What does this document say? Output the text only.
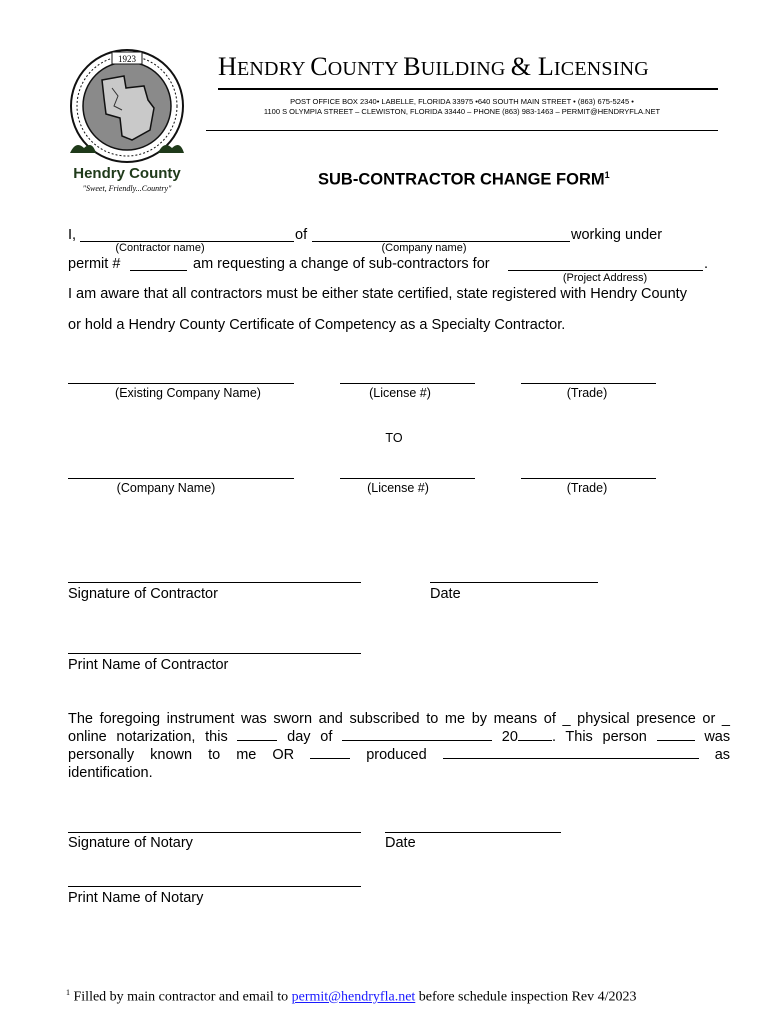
1923
Hendry County
"Sweet, Friendly...Country"
HENDRY COUNTY BUILDING & LICENSING
POST OFFICE BOX 2340• LABELLE, FLORIDA 33975 •640 SOUTH MAIN STREET • (863) 675-5245 •
1100 S OLYMPIA STREET – CLEWISTON, FLORIDA 33440 – PHONE (863) 983-1463 – PERMIT@HENDRYFLA.NET
SUB-CONTRACTOR CHANGE FORM$^1$
I,	of	working under
(Contractor name)	(Company name)
permit #	am requesting a change of sub-contractors for	.
(Project Address)
I am aware that all contractors must be either state certified, state registered with Hendry County
or hold a Hendry County Certificate of Competency as a Specialty Contractor.
(Existing Company Name)	(License #)	(Trade)
TO
(Company Name)	(License #)	(Trade)
Signature of Contractor	Date
Print Name of Contractor
The foregoing instrument was sworn and subscribed to me by means of _ physical presence or _
online notarization, this	day of	20 . This person	was
personally known to me OR	produced	as
identification.
Signature of Notary	Date
Print Name of Notary
$^1$ Filled by main contractor and email to permit@hendryfla.net before schedule inspection Rev 4/2023
